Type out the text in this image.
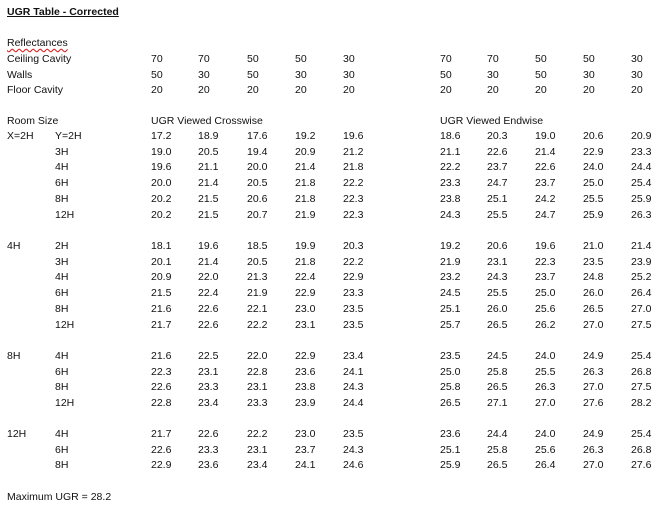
UGR Table - Corrected
Reflectances
Ceiling Cavity	70	70	50	50	30	70	70	50	50	30
Walls	50	30	50	30	30	50	30	50	30	30
Floor Cavity	20	20	20	20	20	20	20	20	20	20
Room Size	UGR Viewed Crosswise	UGR Viewed Endwise
X=2H Y=2H	17.2	18.9	17.6	19.2	19.6	18.6	20.3	19.0	20.6	20.9
3H	19.0	20.5	19.4	20.9	21.2	21.1	22.6	21.4	22.9	23.3
4H	19.6	21.1	20.0	21.4	21.8	22.2	23.7	22.6	24.0	24.4
6H	20.0	21.4	20.5	21.8	22.2	23.3	24.7	23.7	25.0	25.4
8H	20.2	21.5	20.6	21.8	22.3	23.8	25.1	24.2	25.5	25.9
12H	20.2	21.5	20.7	21.9	22.3	24.3	25.5	24.7	25.9	26.3
4H	2H	18.1	19.6	18.5	19.9	20.3	19.2	20.6	19.6	21.0	21.4
3H	20.1	21.4	20.5	21.8	22.2	21.9	23.1	22.3	23.5	23.9
4H	20.9	22.0	21.3	22.4	22.9	23.2	24.3	23.7	24.8	25.2
6H	21.5	22.4	21.9	22.9	23.3	24.5	25.5	25.0	26.0	26.4
8H	21.6	22.6	22.1	23.0	23.5	25.1	26.0	25.6	26.5	27.0
12H	21.7	22.6	22.2	23.1	23.5	25.7	26.5	26.2	27.0	27.5
8H	4H	21.6	22.5	22.0	22.9	23.4	23.5	24.5	24.0	24.9	25.4
6H	22.3	23.1	22.8	23.6	24.1	25.0	25.8	25.5	26.3	26.8
8H	22.6	23.3	23.1	23.8	24.3	25.8	26.5	26.3	27.0	27.5
12H	22.8	23.4	23.3	23.9	24.4	26.5	27.1	27.0	27.6	28.2
12H	4H	21.7	22.6	22.2	23.0	23.5	23.6	24.4	24.0	24.9	25.4
6H	22.6	23.3	23.1	23.7	24.3	25.1	25.8	25.6	26.3	26.8
8H	22.9	23.6	23.4	24.1	24.6	25.9	26.5	26.4	27.0	27.6
Maximum UGR = 28.2
